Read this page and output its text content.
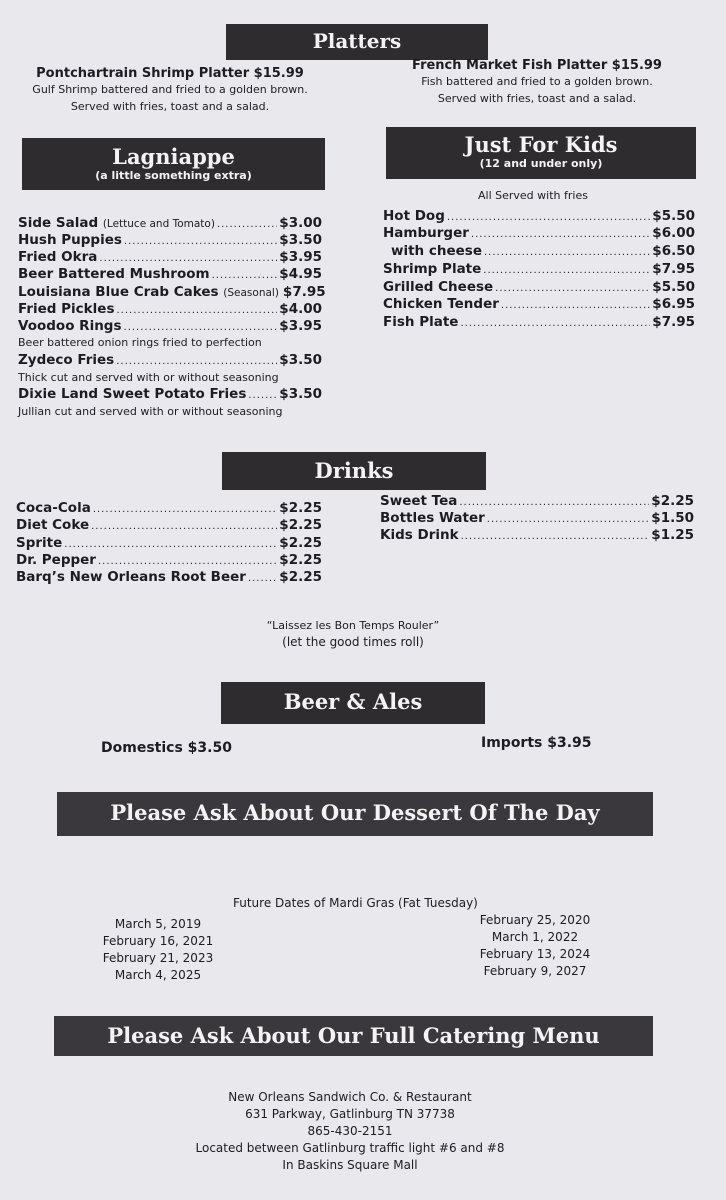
Platters
Pontchartrain Shrimp Platter $15.99
Gulf Shrimp battered and fried to a golden brown.
Served with fries, toast and a salad.
French Market Fish Platter $15.99
Fish battered and fried to a golden brown.
Served with fries, toast and a salad.
Lagniappe
(a little something extra)
Side Salad (Lettuce and Tomato) .....	$3.00
Hush Puppies .....	$3.50
Fried Okra .....	$3.95
Beer Battered Mushroom .....	$4.95
Louisiana Blue Crab Cakes (Seasonal) $7.95
Fried Pickles .....	$4.00
Voodoo Rings .....	$3.95
Beer battered onion rings fried to perfection
Zydeco Fries .....	$3.50
Thick cut and served with or without seasoning
Dixie Land Sweet Potato Fries ..... $3.50
Jullian cut and served with or without seasoning
Just For Kids
(12 and under only)
All Served with fries
Hot Dog .....	$5.50
Hamburger .....	$6.00
with cheese .....	$6.50
Shrimp Plate .....	$7.95
Grilled Cheese .....	$5.50
Chicken Tender .....	$6.95
Fish Plate .....	$7.95
Drinks
Coca-Cola .....	$2.25
Diet Coke .....	$2.25
Sprite .....	$2.25
Dr. Pepper .....	$2.25
Barq’s New Orleans Root Beer ..... $2.25
Sweet Tea .....	$2.25
Bottles Water .....	$1.50
Kids Drink .....	$1.25
“Laissez les Bon Temps Rouler”
(let the good times roll)
Beer & Ales
Domestics $3.50	Imports $3.95
Please Ask About Our Dessert Of The Day
Future Dates of Mardi Gras (Fat Tuesday)
March 5, 2019
February 16, 2021
February 21, 2023
March 4, 2025
February 25, 2020
March 1, 2022
February 13, 2024
February 9, 2027
Please Ask About Our Full Catering Menu
New Orleans Sandwich Co. & Restaurant
631 Parkway, Gatlinburg TN 37738
865-430-2151
Located between Gatlinburg traffic light #6 and #8
In Baskins Square Mall
